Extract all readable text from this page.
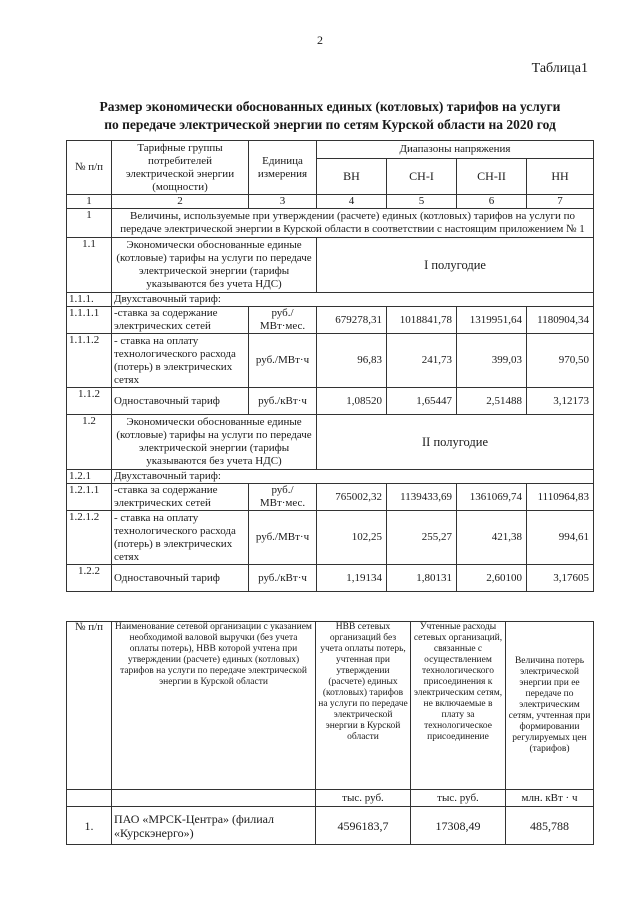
2
Таблица1
Размер экономически обоснованных единых (котловых) тарифов на услуги
по передаче электрической энергии по сетям Курской области на 2020 год
№ п/п	Тарифные группы потребителей электрической энергии (мощности)	Единица измерения	Диапазоны напряжения			
			ВН	СН-I	СН-II	НН
1	2	3	4	5	6	7
1	Величины, используемые при утверждении (расчете) единых (котловых) тарифов на услуги по передаче электрической энергии в Курской области в соответствии с настоящим приложением № 1					
1.1	Экономически обоснованные единые (котловые) тарифы на услуги по передаче электрической энергии (тарифы указываются без учета НДС)		I полугодие			
1.1.1.	Двухставочный тариф:					
1.1.1.1	-ставка за содержание электрических сетей	руб./МВт·мес.	679278,31	1018841,78	1319951,64	1180904,34
1.1.1.2	- ставка на оплату технологического расхода (потерь) в электрических сетях	руб./МВт·ч	96,83	241,73	399,03	970,50
1.1.2	Одноставочный тариф	руб./кВт·ч	1,08520	1,65447	2,51488	3,12173
1.2	Экономически обоснованные единые (котловые) тарифы на услуги по передаче электрической энергии (тарифы указываются без учета НДС)		II полугодие			
1.2.1	Двухставочный тариф:					
1.2.1.1	-ставка за содержание электрических сетей	руб./МВт·мес.	765002,32	1139433,69	1361069,74	1110964,83
1.2.1.2	- ставка на оплату технологического расхода (потерь) в электрических сетях	руб./МВт·ч	102,25	255,27	421,38	994,61
1.2.2	Одноставочный тариф	руб./кВт·ч	1,19134	1,80131	2,60100	3,17605
№ п/п	Наименование сетевой организации с указанием необходимой валовой выручки (без учета оплаты потерь), НВВ которой учтена при утверждении (расчете) единых (котловых) тарифов на услуги по передаче электрической энергии в Курской области	НВВ сетевых организаций без учета оплаты потерь, учтенная при утверждении (расчете) единых (котловых) тарифов на услуги по передаче электрической энергии в Курской области	Учтенные расходы сетевых организаций, связанные с осуществлением технологического присоединения к электрическим сетям, не включаемые в плату за технологическое присоединение	Величина потерь электрической энергии при ее передаче по электрическим сетям, учтенная при формировании регулируемых цен (тарифов)
		тыс. руб.	тыс. руб.	млн. кВт · ч
1.	ПАО «МРСК-Центра» (филиал «Курскэнерго»)	4596183,7	17308,49	485,788
